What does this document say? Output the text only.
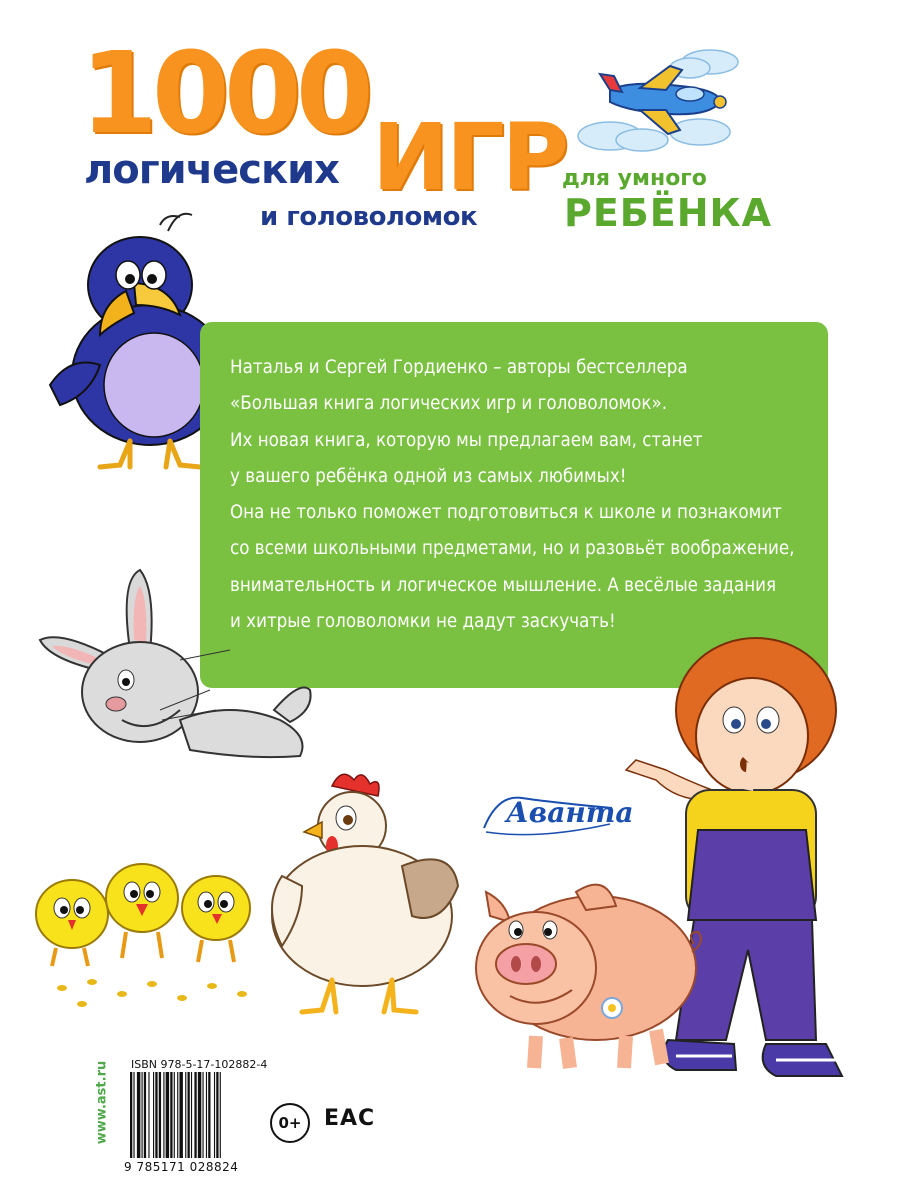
1000
логических ИГР
и головоломок
для умного
РЕБЁНКА
Наталья и Сергей Гордиенко – авторы бестселлера
«Большая книга логических игр и головоломок».
Их новая книга, которую мы предлагаем вам, станет
у вашего ребёнка одной из самых любимых!
Она не только поможет подготовиться к школе и познакомит
со всеми школьными предметами, но и разовьёт воображение,
внимательность и логическое мышление. А весёлые задания
и хитрые головоломки не дадут заскучать!
Аванта
www.ast.ru ISBN 978-5-17-102882-4
9 785171 028824
0+ EAC
